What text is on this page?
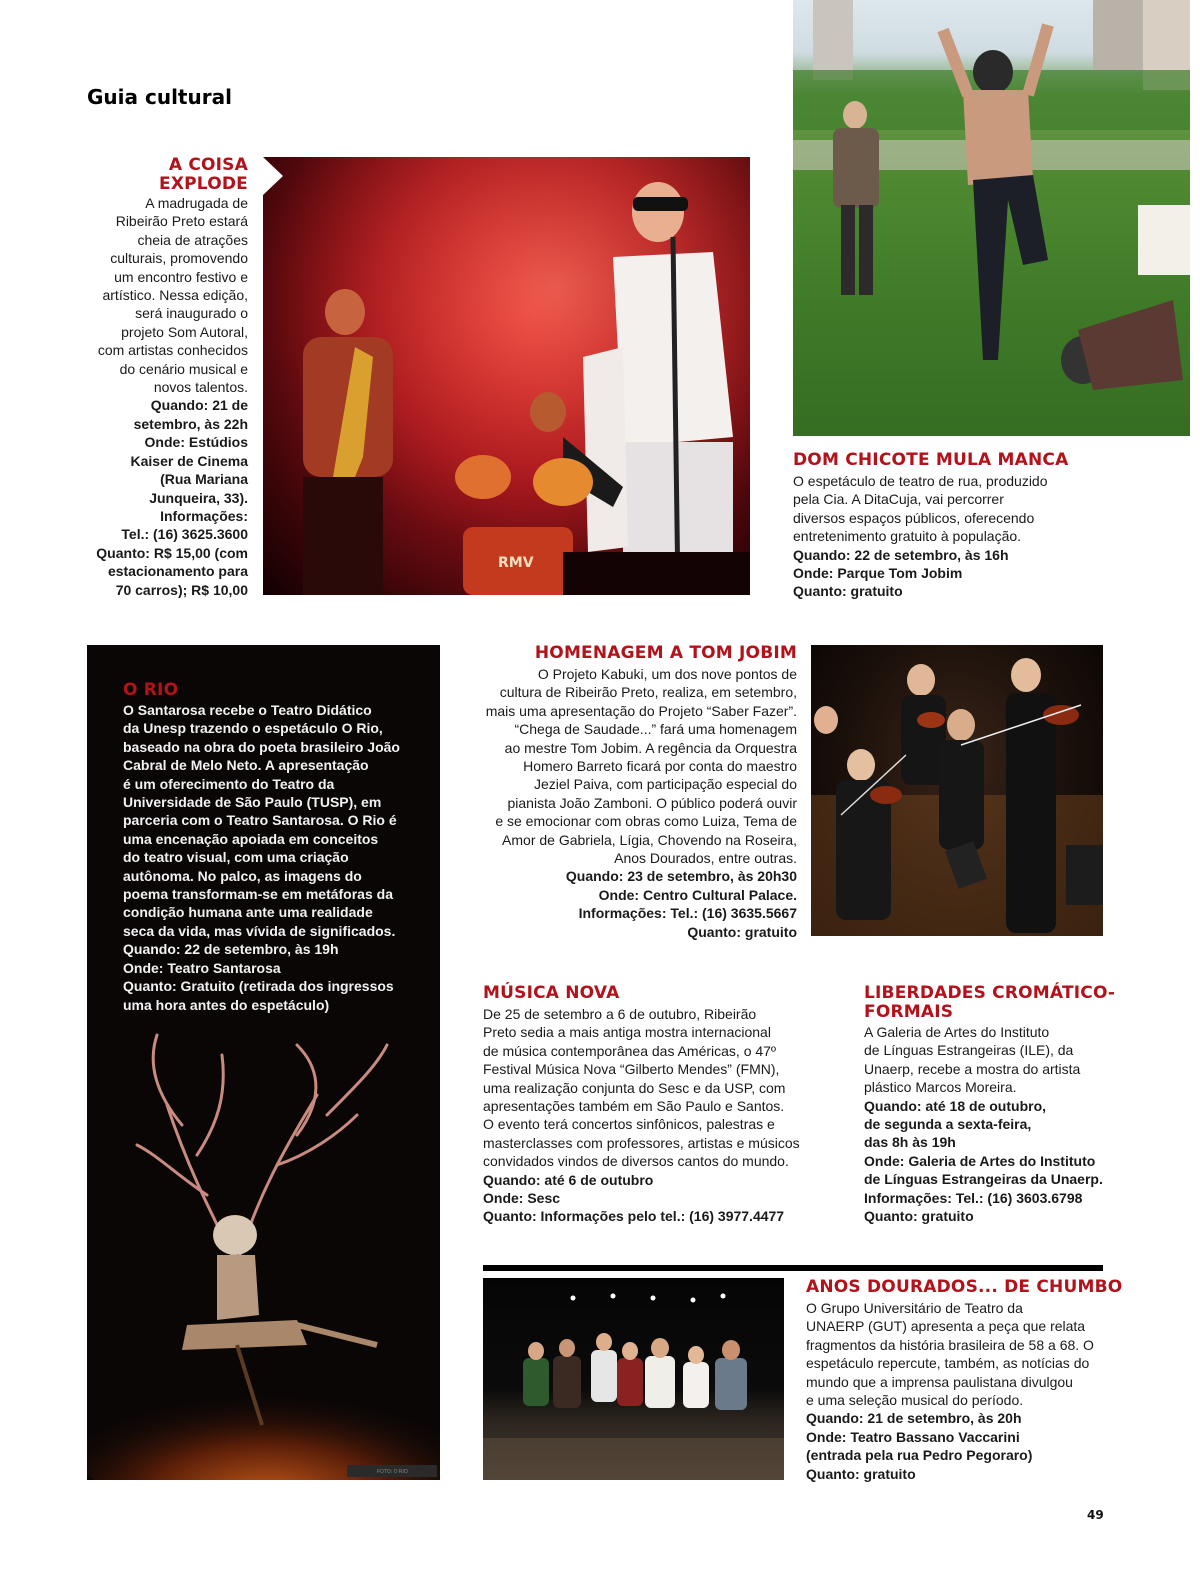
Guia cultural
A COISA
EXPLODE
A madrugada de
Ribeirão Preto estará
cheia de atrações
culturais, promovendo
um encontro festivo e
artístico. Nessa edição,
será inaugurado o
projeto Som Autoral,
com artistas conhecidos
do cenário musical e
novos talentos.
Quando: 21 de
setembro, às 22h
Onde: Estúdios
Kaiser de Cinema
(Rua Mariana
Junqueira, 33).
Informações:
Tel.: (16) 3625.3600
Quanto: R$ 15,00 (com
estacionamento para
70 carros); R$ 10,00
RMV
DOM CHICOTE MULA MANCA
O espetáculo de teatro de rua, produzido
pela Cia. A DitaCuja, vai percorrer
diversos espaços públicos, oferecendo
entretenimento gratuito à população.
Quando: 22 de setembro, às 16h
Onde: Parque Tom Jobim
Quanto: gratuito
O RIO
O Santarosa recebe o Teatro Didático
da Unesp trazendo o espetáculo O Rio,
baseado na obra do poeta brasileiro João
Cabral de Melo Neto. A apresentação
é um oferecimento do Teatro da
Universidade de São Paulo (TUSP), em
parceria com o Teatro Santarosa. O Rio é
uma encenação apoiada em conceitos
do teatro visual, com uma criação
autônoma. No palco, as imagens do
poema transformam-se em metáforas da
condição humana ante uma realidade
seca da vida, mas vívida de significados.
Quando: 22 de setembro, às 19h
Onde: Teatro Santarosa
Quanto: Gratuito (retirada dos ingressos
uma hora antes do espetáculo)
FOTO: O RIO
HOMENAGEM A TOM JOBIM
O Projeto Kabuki, um dos nove pontos de
cultura de Ribeirão Preto, realiza, em setembro,
mais uma apresentação do Projeto “Saber Fazer”.
“Chega de Saudade...” fará uma homenagem
ao mestre Tom Jobim. A regência da Orquestra
Homero Barreto ficará por conta do maestro
Jeziel Paiva, com participação especial do
pianista João Zamboni. O público poderá ouvir
e se emocionar com obras como Luiza, Tema de
Amor de Gabriela, Lígia, Chovendo na Roseira,
Anos Dourados, entre outras.
Quando: 23 de setembro, às 20h30
Onde: Centro Cultural Palace.
Informações: Tel.: (16) 3635.5667
Quanto: gratuito
MÚSICA NOVA
De 25 de setembro a 6 de outubro, Ribeirão
Preto sedia a mais antiga mostra internacional
de música contemporânea das Américas, o 47º
Festival Música Nova “Gilberto Mendes” (FMN),
uma realização conjunta do Sesc e da USP, com
apresentações também em São Paulo e Santos.
O evento terá concertos sinfônicos, palestras e
masterclasses com professores, artistas e músicos
convidados vindos de diversos cantos do mundo.
Quando: até 6 de outubro
Onde: Sesc
Quanto: Informações pelo tel.: (16) 3977.4477
LIBERDADES CROMÁTICO-
FORMAIS
A Galeria de Artes do Instituto
de Línguas Estrangeiras (ILE), da
Unaerp, recebe a mostra do artista
plástico Marcos Moreira.
Quando: até 18 de outubro,
de segunda a sexta-feira,
das 8h às 19h
Onde: Galeria de Artes do Instituto
de Línguas Estrangeiras da Unaerp.
Informações: Tel.: (16) 3603.6798
Quanto: gratuito
ANOS DOURADOS... DE CHUMBO
O Grupo Universitário de Teatro da
UNAERP (GUT) apresenta a peça que relata
fragmentos da história brasileira de 58 a 68. O
espetáculo repercute, também, as notícias do
mundo que a imprensa paulistana divulgou
e uma seleção musical do período.
Quando: 21 de setembro, às 20h
Onde: Teatro Bassano Vaccarini
(entrada pela rua Pedro Pegoraro)
Quanto: gratuito
49
